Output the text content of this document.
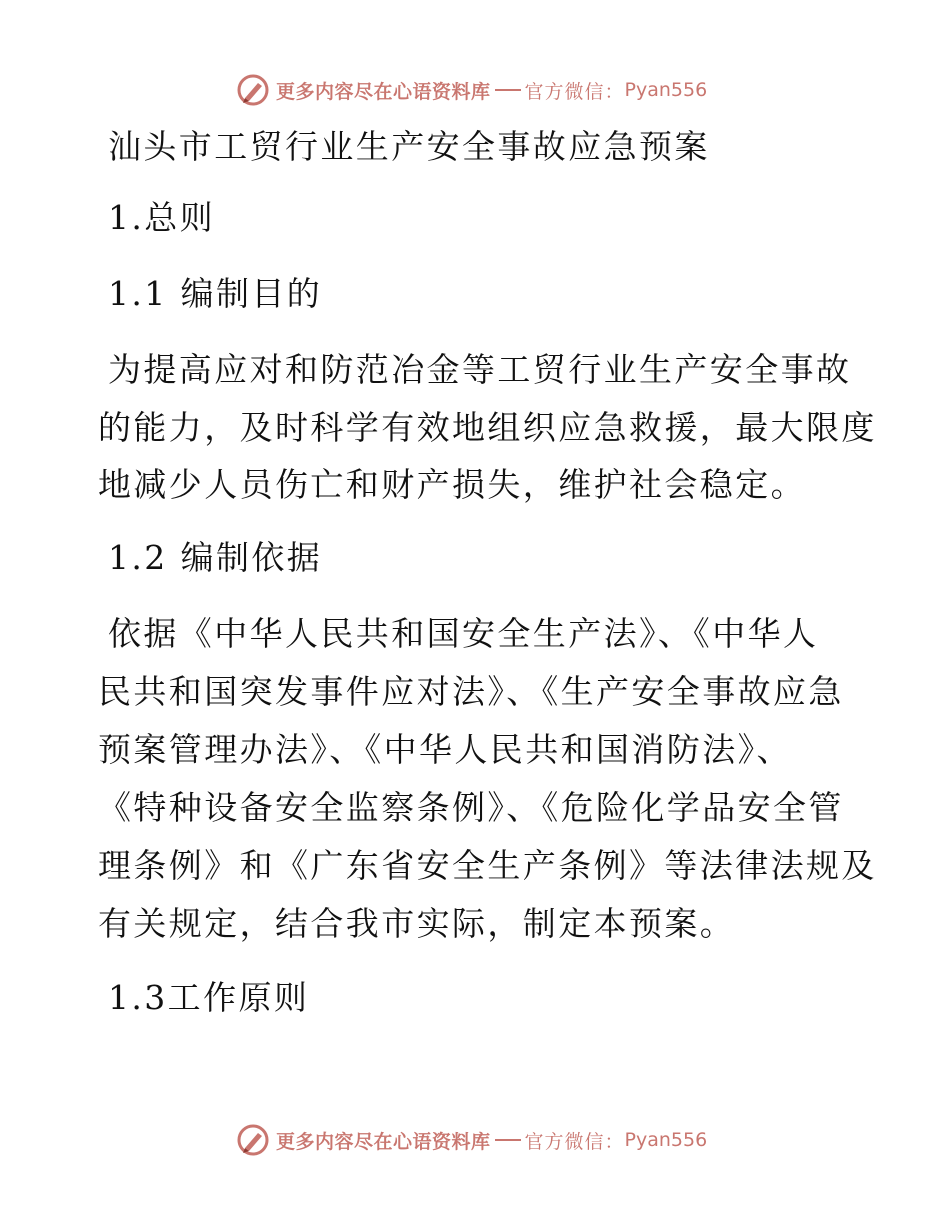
更多内容尽在心语资料库 官方微信： Pyan556
汕头市工贸行业生产安全事故应急预案
1.总则
1.1 编制目的

为提高应对和防范冶金等工贸行业生产安全事故

的能力，及时科学有效地组织应急救援，最大限度

地减少人员伤亡和财产损失，维护社会稳定。

1.2 编制依据

依据《中华人民共和国安全生产法》、《中华人

民共和国突发事件应对法》、《生产安全事故应急

预案管理办法》、《中华人民共和国消防法》、

《特种设备安全监察条例》、《危险化学品安全管

理条例》和《广东省安全生产条例》等法律法规及

有关规定，结合我市实际，制定本预案。

1.3工作原则
更多内容尽在心语资料库 官方微信： Pyan556
